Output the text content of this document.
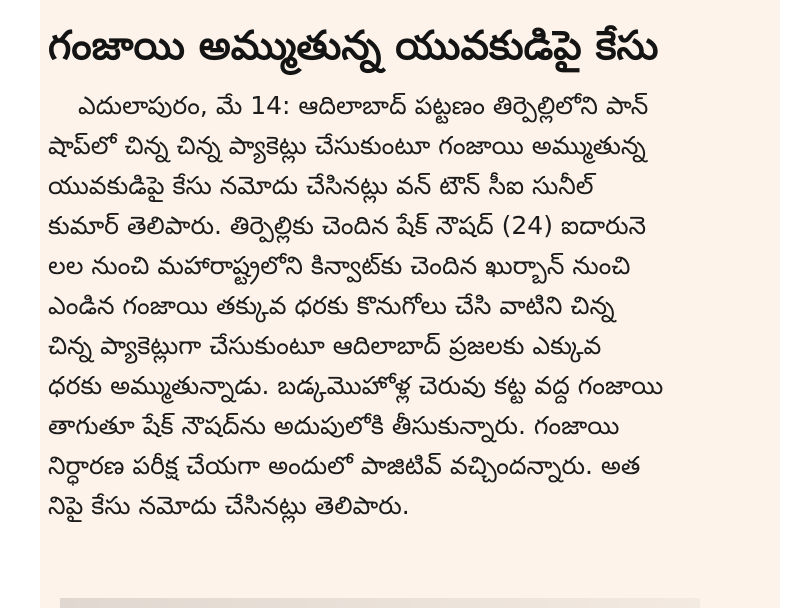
గంజాయి అమ్ముతున్న యువకుడిపై కేసు
ఎదులాపురం, మే 14: ఆదిలాబాద్ పట్టణం తిర్పెల్లిలోని పాన్
షాప్‌లో చిన్న చిన్న ప్యాకెట్లు చేసుకుంటూ గంజాయి అమ్ముతున్న
యువకుడిపై కేసు నమోదు చేసినట్లు వన్ టౌన్ సీఐ సునీల్
కుమార్ తెలిపారు. తిర్పెల్లికు చెందిన షేక్ నౌషద్ (24) ఐదారునె
లల నుంచి మహారాష్ట్రలోని కిన్వాట్‌కు చెందిన ఖుర్బాన్ నుంచి
ఎండిన గంజాయి తక్కువ ధరకు కొనుగోలు చేసి వాటిని చిన్న
చిన్న ప్యాకెట్లుగా చేసుకుంటూ ఆదిలాబాద్ ప్రజలకు ఎక్కువ
ధరకు అమ్ముతున్నాడు. బడ్కమొహోళ్ల చెరువు కట్ట వద్ద గంజాయి
తాగుతూ షేక్ నౌషద్‌ను అదుపులోకి తీసుకున్నారు. గంజాయి
నిర్ధారణ పరీక్ష చేయగా అందులో పాజిటివ్ వచ్చిందన్నారు. అత
నిపై కేసు నమోదు చేసినట్లు తెలిపారు.
